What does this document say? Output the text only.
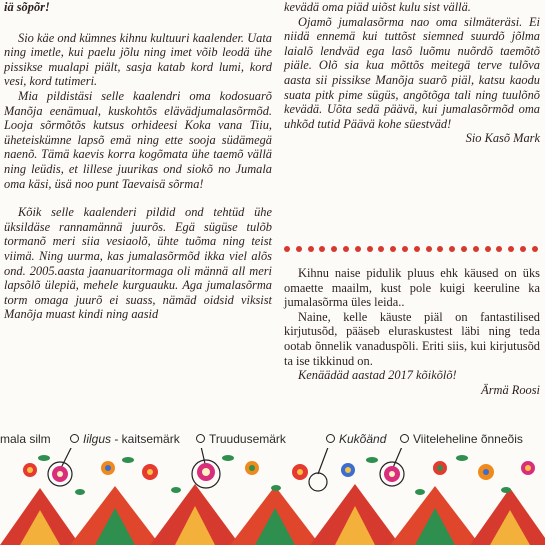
iä sõpõr!

Sio käe ond kümnes kihnu kultuuri kaalender. Uata ning imetle, kui paelu jõlu ning imet võib leodä ühe pissikse mualapi piält, sasja katab kord lumi, kord vesi, kord tutimeri.

Mia pildistäsi selle kaalendri oma kodosuarõ Manõja eenämual, kuskohtõs elävädjumalasõrmõd. Looja sõrmõtõs kutsus orhideesi Koka vana Tiiu, üheteiskümne lapsõ emä ning ette sooja südämegä naenõ. Tämä kaevis korra kogõmata ühe taemõ vällä ning leüdis, et lillese juurikas ond siokõ no Jumala oma käsi, üsä noo punt Taevaisä sõrma!

Kõik selle kaalenderi pildid ond tehtüd ühe üksildäse rannamännä juurõs. Egä sügüse tulõb tormanõ meri siia vesiaolõ, ühte tuõma ning teist viimä. Ning uurma, kas jumalasõrmõd ikka viel alõs ond. 2005.aasta jaanuaritormaga oli männä all meri lapsõlõ ülepiä, mehele kurguauku. Aga jumalasõrma torm omaga juurõ ei suass, nämäd oidsid viksist Manõja muast kindi ning aasid

kevädä oma piäd uiõst kulu sist vällä.

Ojamõ jumalasõrma nao oma silmäteräsi. Ei niidä ennemä kui tuttõst siemned suurdõ jõlma laialõ lendväd ega lasõ luõmu nuõrdõ taemõtõ piäle. Olõ sia kua mõttõs meitegä terve tulõva aasta sii pissikse Manõja suarõ piäl, katsu kaodu suata pitk pime sügüs, angõtõga tali ning tuulõnõ kevädä. Uõta sedä päävä, kui jumalasõrmõd oma uhkõd tutid Päävä kohe süestväd!

Sio Kasõ Mark

Kihnu naise pidulik pluus ehk käused on üks omaette maailm, kust pole kuigi keeruline ka jumalasõrma üles leida..

Naine, kelle käuste piäl on fantastilised kirjutusõd, pääseb eluraskustest läbi ning teda ootab õnnelik vanaduspõli. Eriti siis, kui kirjutusõd ta ise tikkinud on.

Kenäädäd aastad 2017 kõikõlõ!

Ärmä Roosi

mala silm	Iilgus - kaitsemärk	Truudusemärk	Kukõänd	Viiteleheline õnneõis
